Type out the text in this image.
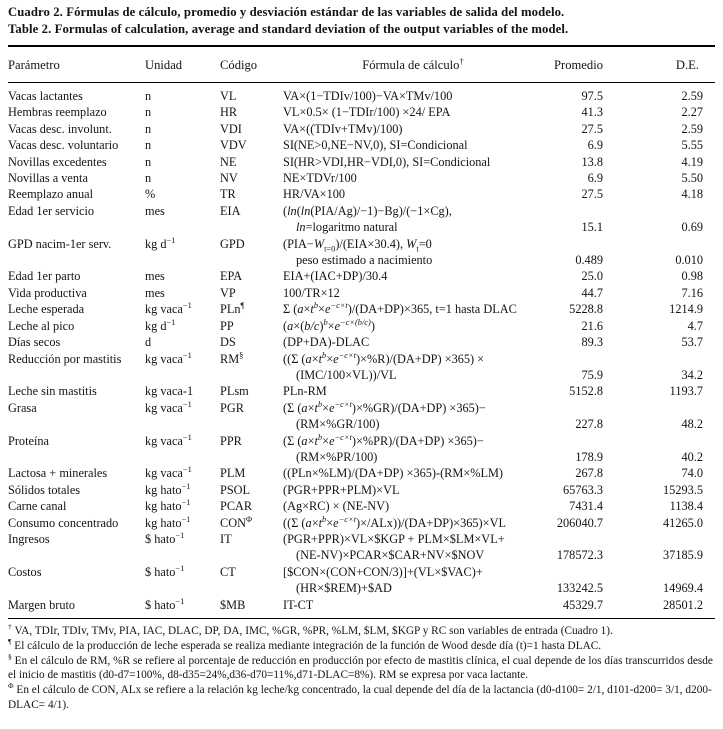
Cuadro 2. Fórmulas de cálculo, promedio y desviación estándar de las variables de salida del modelo.
Table 2. Formulas of calculation, average and standard deviation of the output variables of the model.
Parámetro	Unidad	Código	Fórmula de cálculo†	Promedio	D.E.
Vacas lactantes	n	VL	VA×(1−TDIv/100)−VA×TMv/100	97.5	2.59
Hembras reemplazo	n	HR	VL×0.5× (1−TDIr/100) ×24/ EPA	41.3	2.27
Vacas desc. involunt.	n	VDI	VA×((TDIv+TMv)/100)	27.5	2.59
Vacas desc. voluntario	n	VDV	SI(NE>0,NE−NV,0), SI=Condicional	6.9	5.55
Novillas excedentes	n	NE	SI(HR>VDI,HR−VDI,0), SI=Condicional	13.8	4.19
Novillas a venta	n	NV	NE×TDVr/100	6.9	5.50
Reemplazo anual	%	TR	HR/VA×100	27.5	4.18
Edad 1er servicio	mes	EIA	(ln(ln(PIA/Ag)/−1)−Bg)/(−1×Cg),
ln=logaritmo natural	15.1	0.69
GPD nacim-1er serv.	kg $d^{-1}$	GPD	$(PIA-W_{t=0})/(EIA\times 30.4)$, $W_t=0$
peso estimado a nacimiento	0.489	0.010
Edad 1er parto	mes	EPA	EIA+(IAC+DP)/30.4	25.0	0.98
Vida productiva	mes	VP	100/TR×12	44.7	7.16
Leche esperada	kg vaca$^{-1}$	PLn¶	Σ $(a\times t^b\times e^{-c\times t})/(DA+DP)\times 365$, t=1 hasta DLAC	5228.8	1214.9
Leche al pico	kg $d^{-1}$	PP	$(a\times(b/c)^b\times e^{-c\times(b/c)})$	21.6	4.7
Días secos	d	DS	(DP+DA)-DLAC	89.3	53.7
Reducción por mastitis	kg vaca$^{-1}$	RM§	((Σ $(a\times t^b\times e^{-c\times t})\times\%R)/(DA+DP) \times 365$) ×
(IMC/100×VL))/VL	75.9	34.2
Leche sin mastitis	kg vaca-1	PLsm	PLn-RM	5152.8	1193.7
Grasa	kg vaca$^{-1}$	PGR	(Σ $(a\times t^b\times e^{-c\times t})\times\%GR)/(DA+DP) \times 365)-$
(RM×%GR/100)	227.8	48.2
Proteína	kg vaca$^{-1}$	PPR	(Σ $(a\times t^b\times e^{-c\times t})\times\%PR)/(DA+DP) \times 365)-$
(RM×%PR/100)	178.9	40.2
Lactosa + minerales	kg vaca$^{-1}$	PLM	((PLn×%LM)/(DA+DP) ×365)-(RM×%LM)	267.8	74.0
Sólidos totales	kg hato$^{-1}$	PSOL	(PGR+PPR+PLM)×VL	65763.3	15293.5
Carne canal	kg hato$^{-1}$	PCAR	(Ag×RC) × (NE-NV)	7431.4	1138.4
Consumo concentrado	kg hato$^{-1}$	$CON^\Phi$	((Σ $(a\times t^b\times e^{-c\times t})\times/ALx))/(DA+DP)\times 365)\times VL$	206040.7	41265.0
Ingresos	$ hato$^{-1}$	IT	(PGR+PPR)×VL×$KGP + PLM×$LM×VL+
(NE-NV)×PCAR×$CAR+NV×$NOV	178572.3	37185.9
Costos	$ hato$^{-1}$	CT	[$CON×(CON+CON/3)]+(VL×$VAC)+
(HR×$REM)+$AD	133242.5	14969.4
Margen bruto	$ hato$^{-1}$	$MB	IT-CT	45329.7	28501.2
† VA, TDIr, TDIv, TMv, PIA, IAC, DLAC, DP, DA, IMC, %GR, %PR, %LM, $LM, $KGP y RC son variables de entrada (Cuadro 1).
¶ El cálculo de la producción de leche esperada se realiza mediante integración de la función de Wood desde día (t)=1 hasta DLAC.
§ En el cálculo de RM, %R se refiere al porcentaje de reducción en producción por efecto de mastitis clínica, el cual depende de los días transcurridos desde el inicio de mastitis (d0-d7=100%, d8-d35=24%,d36-d70=11%,d71-DLAC=8%). RM se expresa por vaca lactante.
$^\Phi$ En el cálculo de CON, ALx se refiere a la relación kg leche/kg concentrado, la cual depende del día de la lactancia (d0-d100= 2/1, d101-d200= 3/1, d200-DLAC= 4/1).
